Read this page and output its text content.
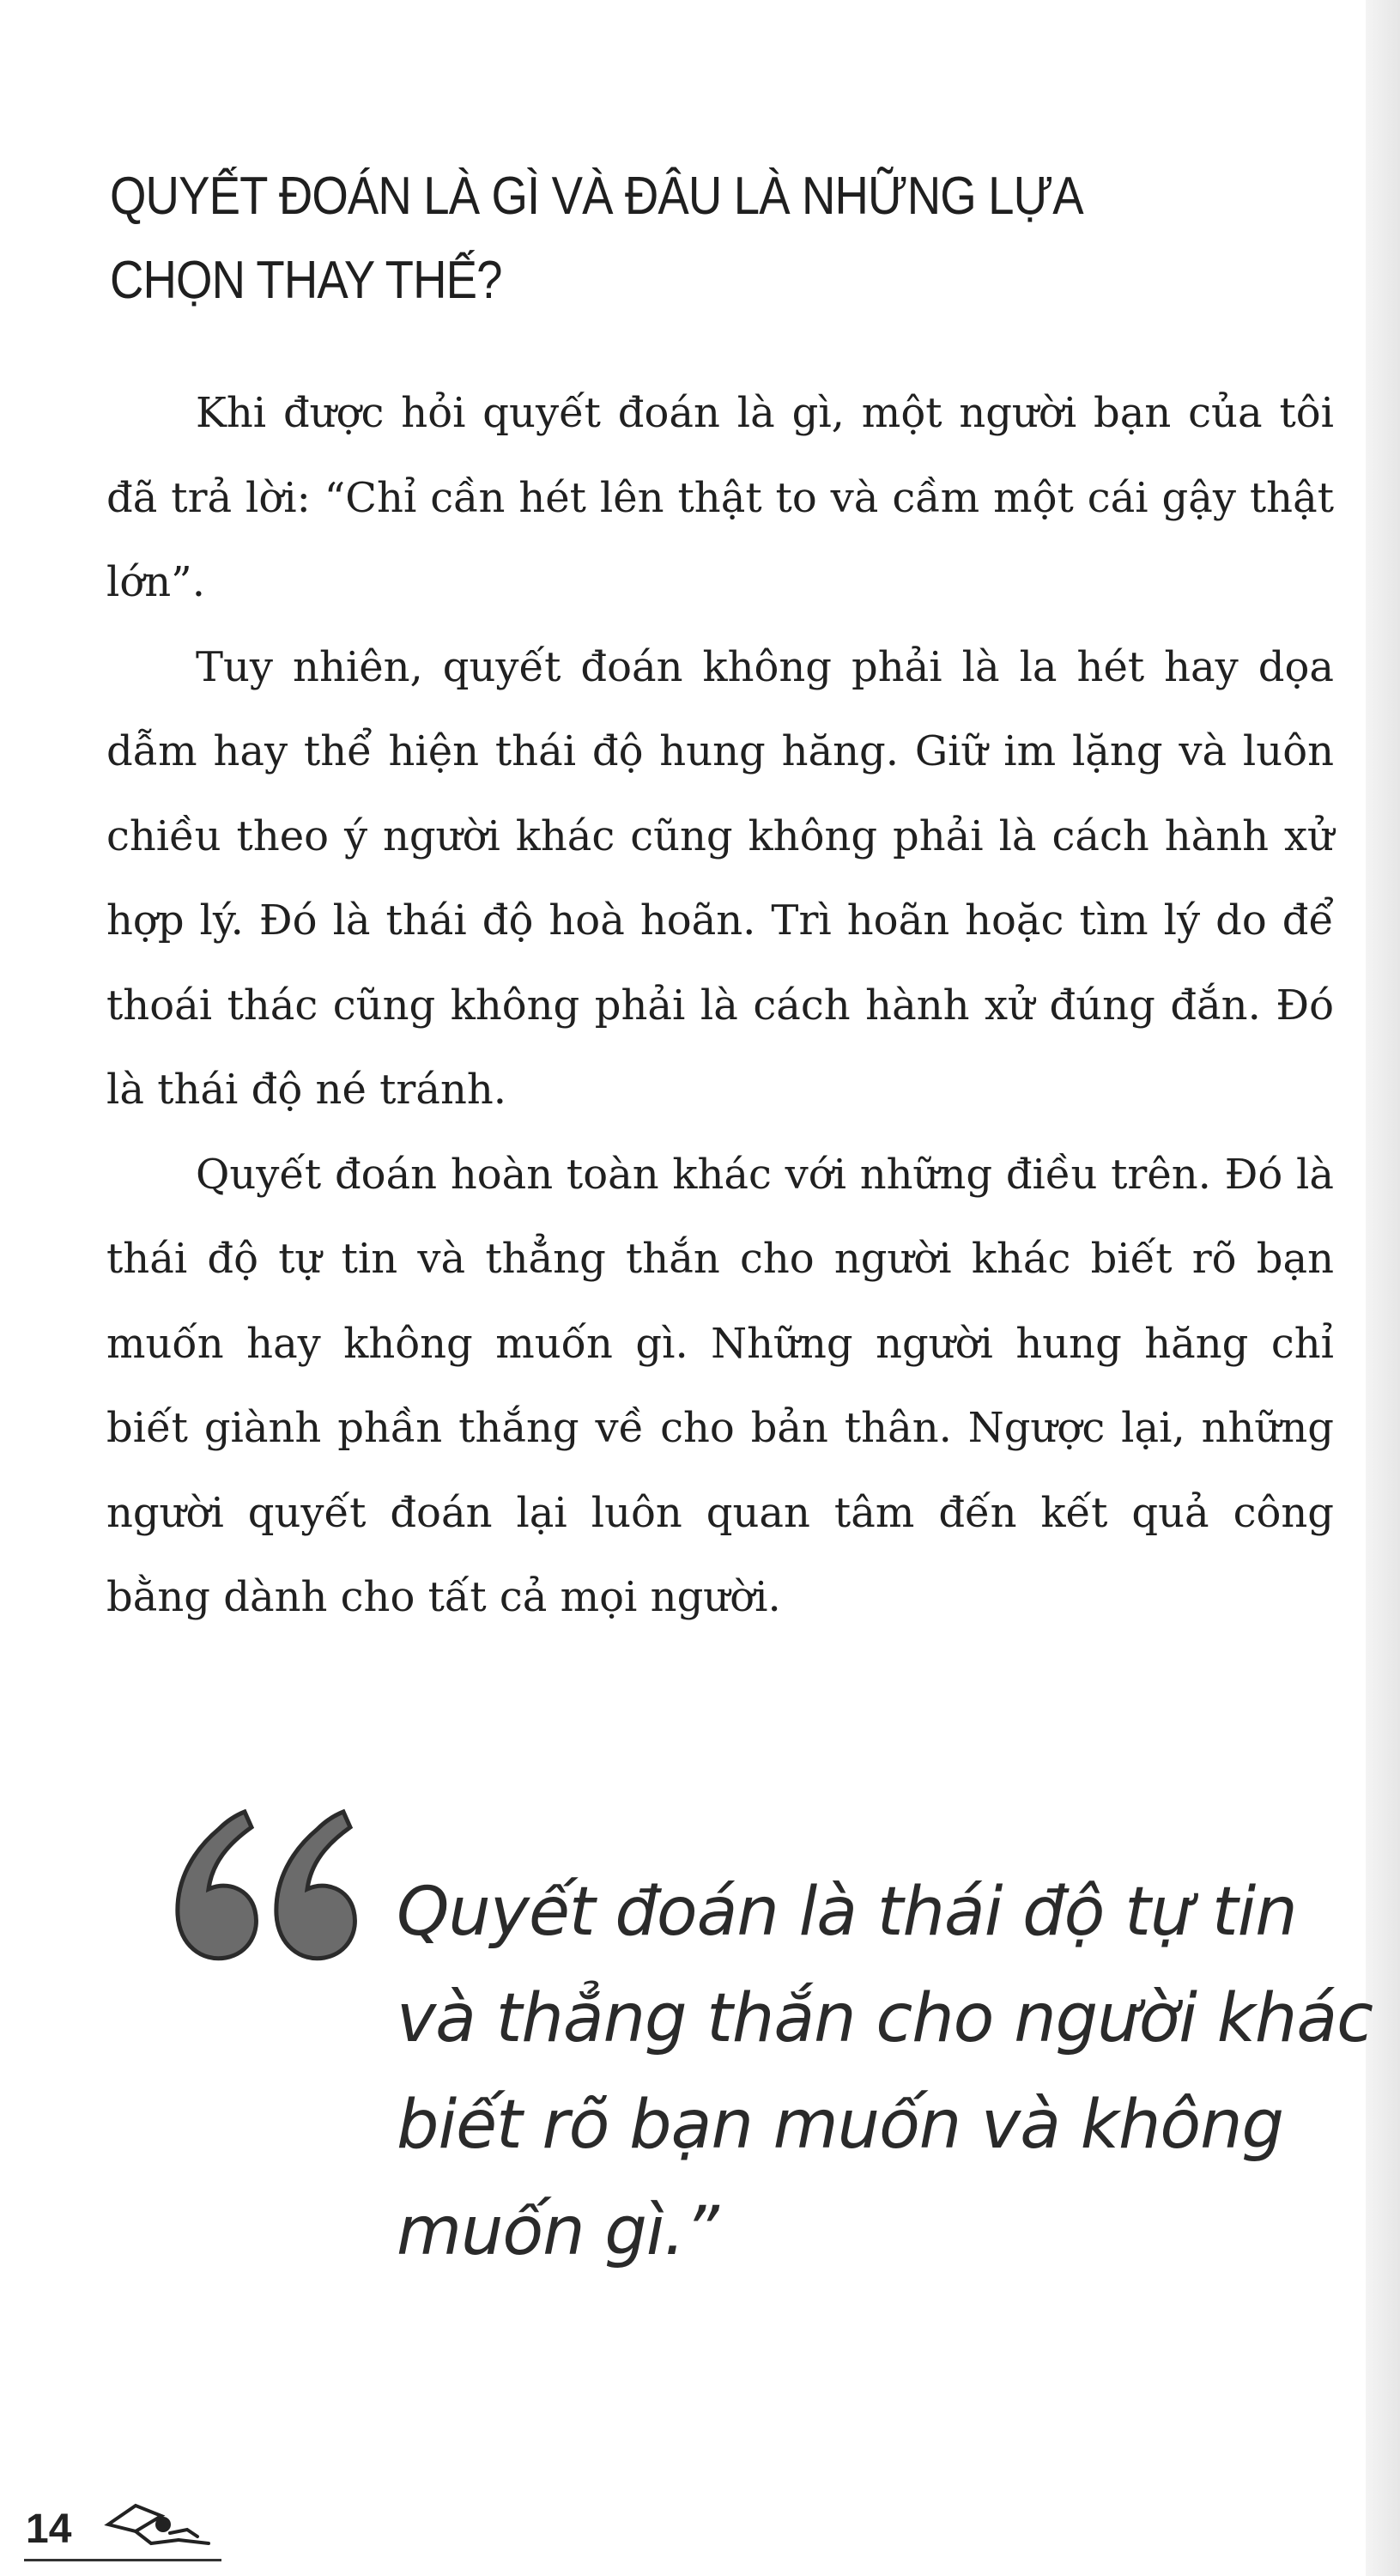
QUYẾT ĐOÁN LÀ GÌ VÀ ĐÂU LÀ NHỮNG LỰA CHỌN THAY THẾ?

Khi được hỏi quyết đoán là gì, một người bạn của tôi đã trả lời: “Chỉ cần hét lên thật to và cầm một cái gậy thật lớn”.

Tuy nhiên, quyết đoán không phải là la hét hay dọa dẫm hay thể hiện thái độ hung hăng. Giữ im lặng và luôn chiều theo ý người khác cũng không phải là cách hành xử hợp lý. Đó là thái độ hoà hoãn. Trì hoãn hoặc tìm lý do để thoái thác cũng không phải là cách hành xử đúng đắn. Đó là thái độ né tránh.

Quyết đoán hoàn toàn khác với những điều trên. Đó là thái độ tự tin và thẳng thắn cho người khác biết rõ bạn muốn hay không muốn gì. Những người hung hăng chỉ biết giành phần thắng về cho bản thân. Ngược lại, những người quyết đoán lại luôn quan tâm đến kết quả công bằng dành cho tất cả mọi người.

Quyết đoán là thái độ tự tin và thẳng thắn cho người khác biết rõ bạn muốn và không muốn gì.”

14
